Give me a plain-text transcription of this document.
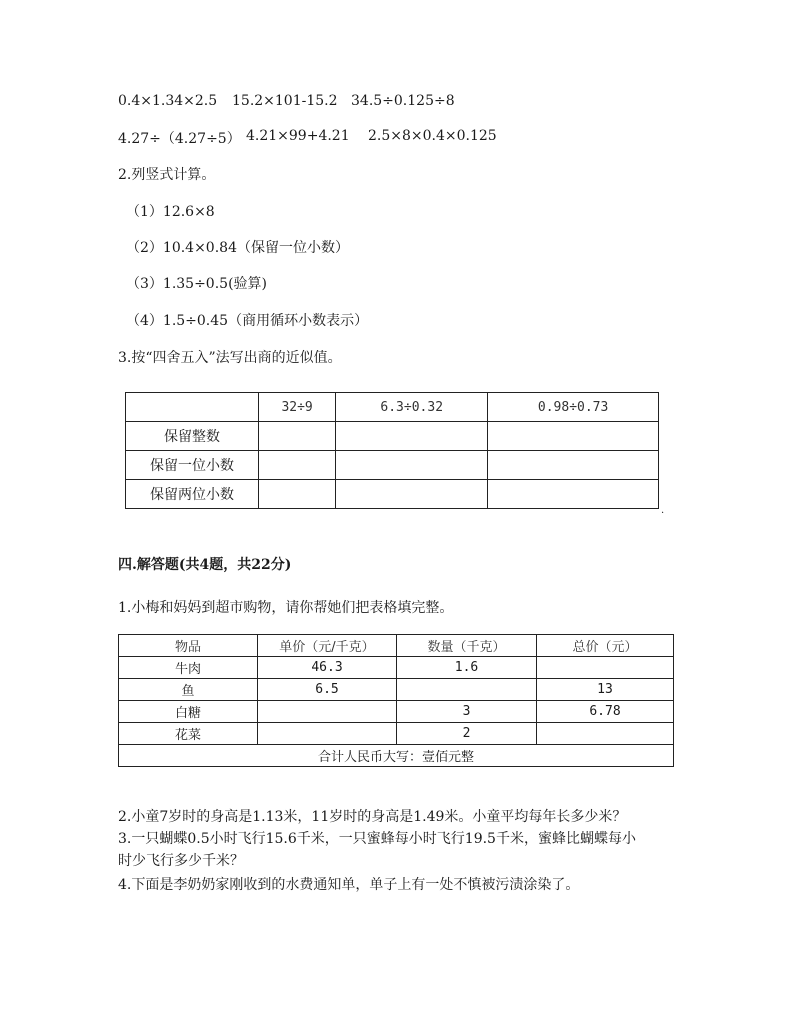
0.4×1.34×2.5 15.2×101-15.2 34.5÷0.125÷8
4.27÷（4.27÷5） 4.21×99+4.21 2.5×8×0.4×0.125
2.列竖式计算。
（1）12.6×8
（2）10.4×0.84（保留一位小数）
（3）1.35÷0.5(验算)
（4）1.5÷0.45（商用循环小数表示）
3.按“四舍五入”法写出商的近似值。
	32÷9	6.3÷0.32	0.98÷0.73
保留整数			
保留一位小数			
保留两位小数			
.
四.解答题(共4题，共22分)
1.小梅和妈妈到超市购物，请你帮她们把表格填完整。
物品	单价（元/千克）	数量（千克）	总价（元）
牛肉	46.3	1.6	
鱼	6.5		13
白糖		3	6.78
花菜		2	
合计人民币大写：壹佰元整			
2.小童7岁时的身高是1.13米，11岁时的身高是1.49米。小童平均每年长多少米？
3.一只蝴蝶0.5小时飞行15.6千米，一只蜜蜂每小时飞行19.5千米，蜜蜂比蝴蝶每小
时少飞行多少千米？
4.下面是李奶奶家刚收到的水费通知单，单子上有一处不慎被污渍涂染了。
